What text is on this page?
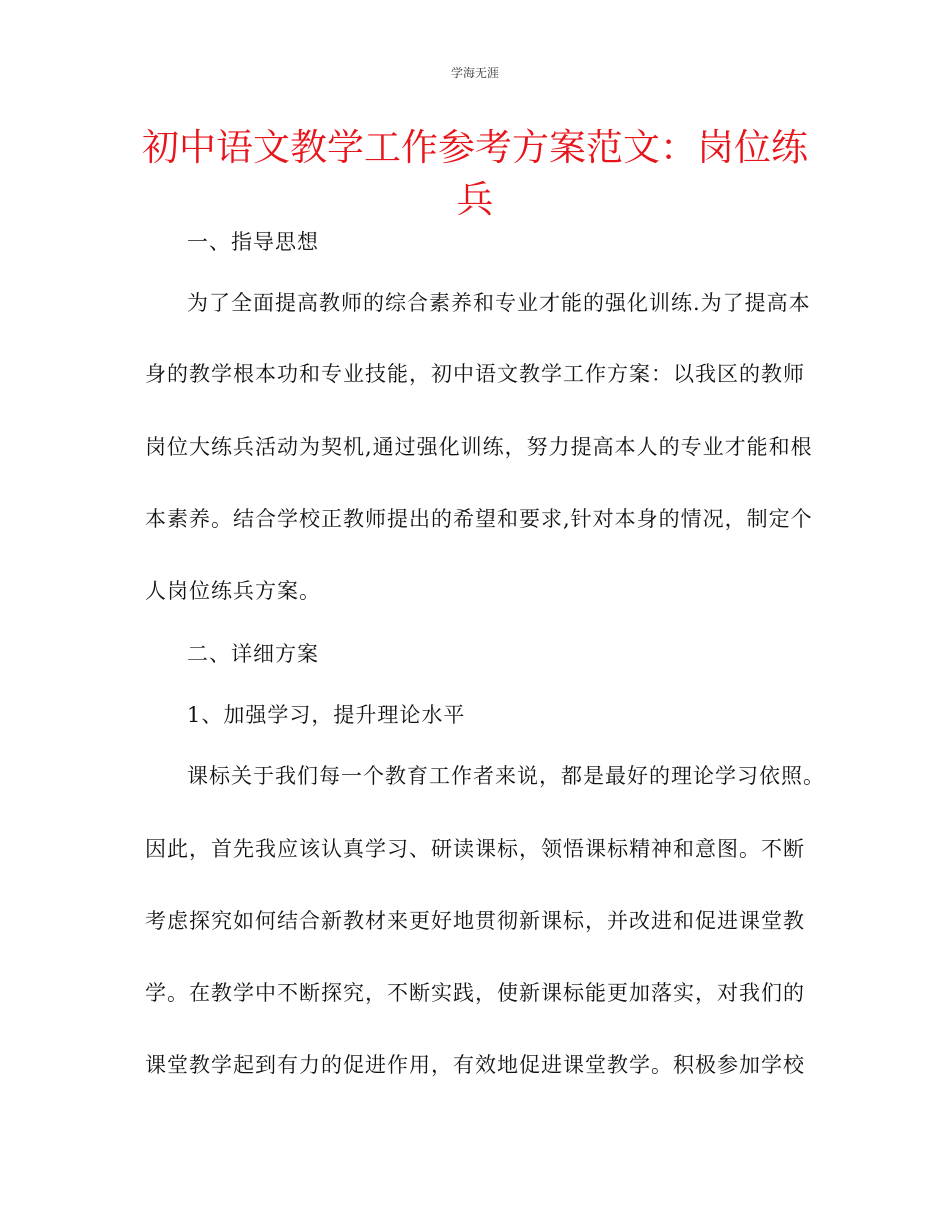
学海无涯
初中语文教学工作参考方案范文：岗位练
兵
一、指导思想
为了全面提高教师的综合素养和专业才能的强化训练.为了提高本
身的教学根本功和专业技能，初中语文教学工作方案：以我区的教师
岗位大练兵活动为契机,通过强化训练，努力提高本人的专业才能和根
本素养。结合学校正教师提出的希望和要求,针对本身的情况，制定个
人岗位练兵方案。
二、详细方案
1、加强学习，提升理论水平
课标关于我们每一个教育工作者来说，都是最好的理论学习依照。
因此，首先我应该认真学习、研读课标，领悟课标精神和意图。不断
考虑探究如何结合新教材来更好地贯彻新课标，并改进和促进课堂教
学。在教学中不断探究，不断实践，使新课标能更加落实，对我们的
课堂教学起到有力的促进作用，有效地促进课堂教学。积极参加学校
